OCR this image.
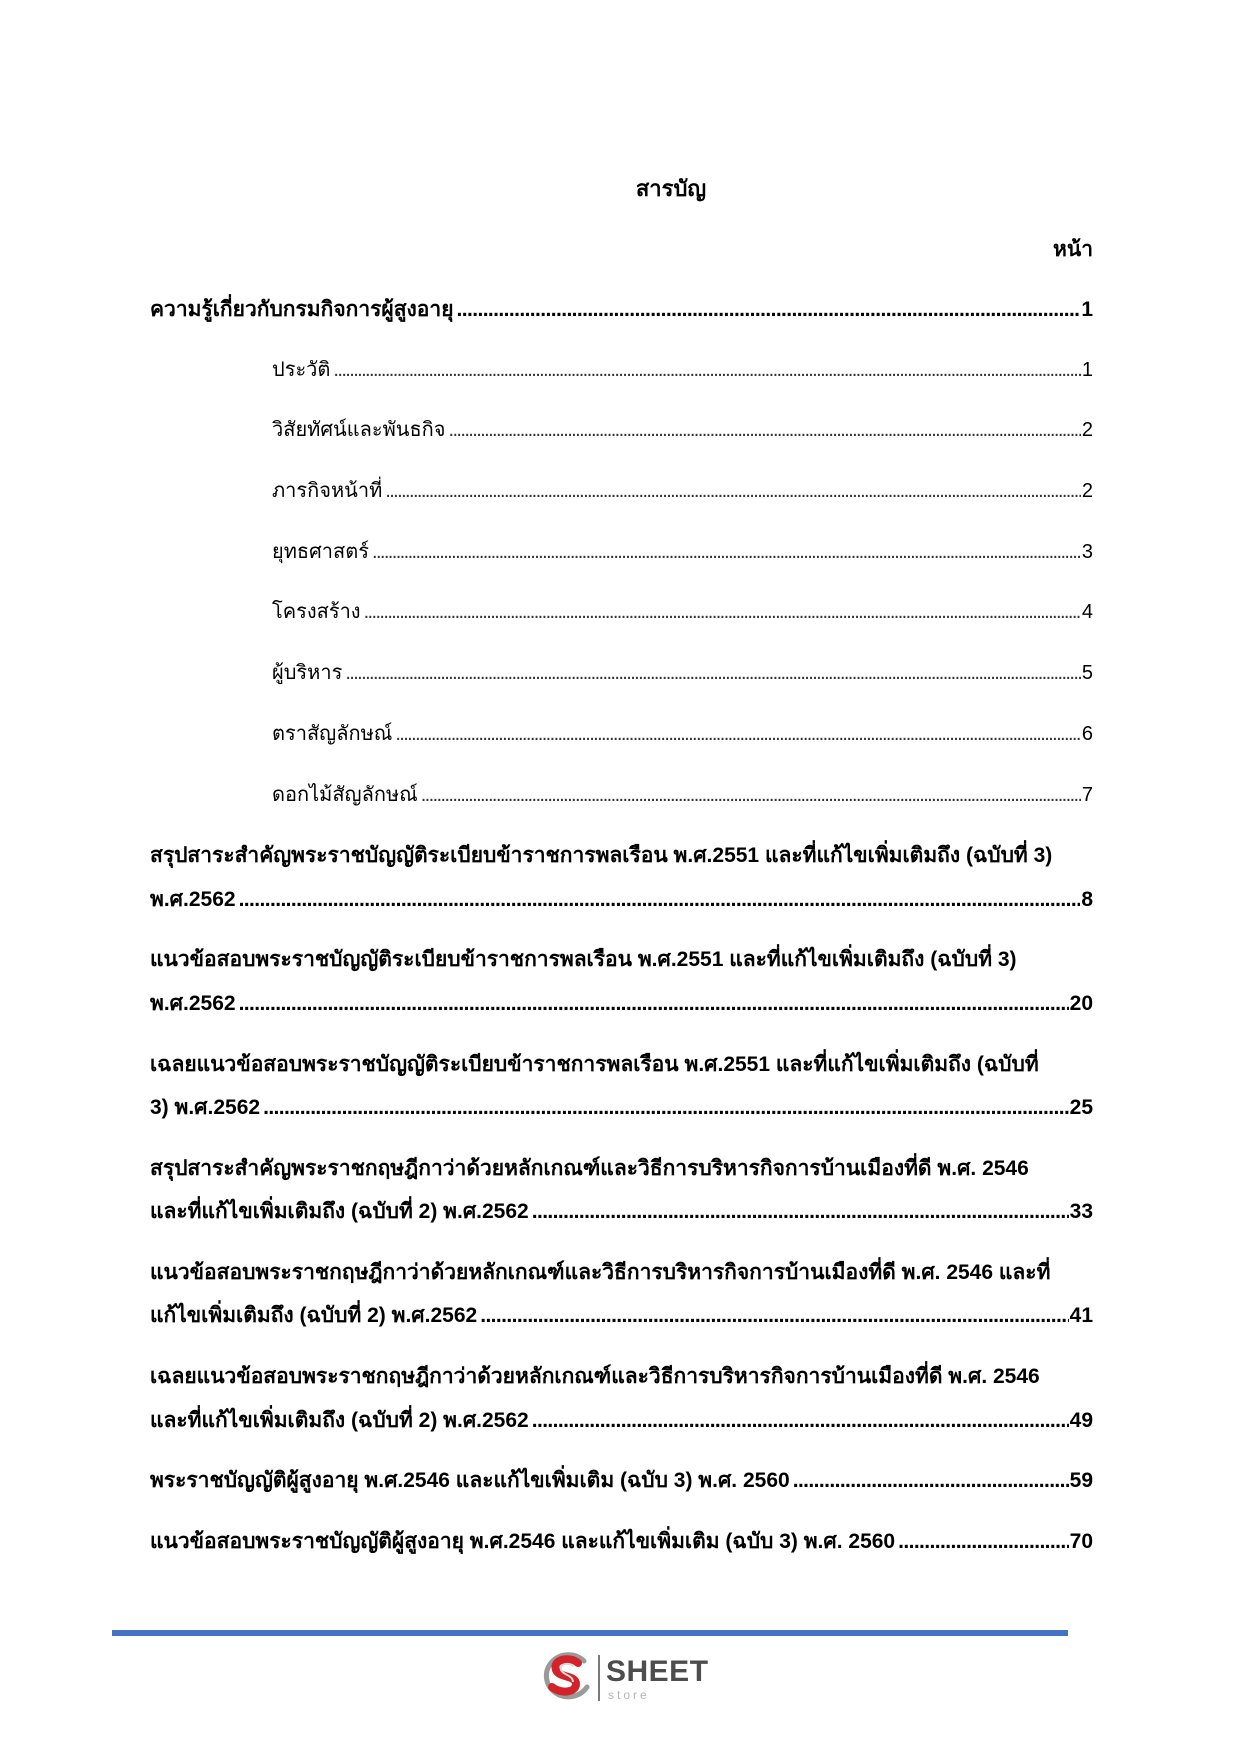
สารบัญ
หน้า
ความรู้เกี่ยวกับกรมกิจการผู้สูงอายุ .....	1
ประวัติ .....	1
วิสัยทัศน์และพันธกิจ .....	2
ภารกิจหน้าที่ .....	2
ยุทธศาสตร์ .....	3
โครงสร้าง .....	4
ผู้บริหาร .....	5
ตราสัญลักษณ์ .....	6
ดอกไม้สัญลักษณ์ .....	7
สรุปสาระสำคัญพระราชบัญญัติระเบียบข้าราชการพลเรือน พ.ศ.2551 และที่แก้ไขเพิ่มเติมถึง (ฉบับที่ 3)
พ.ศ.2562 .....	8
แนวข้อสอบพระราชบัญญัติระเบียบข้าราชการพลเรือน พ.ศ.2551 และที่แก้ไขเพิ่มเติมถึง (ฉบับที่ 3)
พ.ศ.2562 .....	20
เฉลยแนวข้อสอบพระราชบัญญัติระเบียบข้าราชการพลเรือน พ.ศ.2551 และที่แก้ไขเพิ่มเติมถึง (ฉบับที่
3) พ.ศ.2562 .....	25
สรุปสาระสำคัญพระราชกฤษฎีกาว่าด้วยหลักเกณฑ์และวิธีการบริหารกิจการบ้านเมืองที่ดี พ.ศ. 2546
และที่แก้ไขเพิ่มเติมถึง (ฉบับที่ 2) พ.ศ.2562 .....	33
แนวข้อสอบพระราชกฤษฎีกาว่าด้วยหลักเกณฑ์และวิธีการบริหารกิจการบ้านเมืองที่ดี พ.ศ. 2546 และที่
แก้ไขเพิ่มเติมถึง (ฉบับที่ 2) พ.ศ.2562 .....	41
เฉลยแนวข้อสอบพระราชกฤษฎีกาว่าด้วยหลักเกณฑ์และวิธีการบริหารกิจการบ้านเมืองที่ดี พ.ศ. 2546
และที่แก้ไขเพิ่มเติมถึง (ฉบับที่ 2) พ.ศ.2562 .....	49
พระราชบัญญัติผู้สูงอายุ พ.ศ.2546 และแก้ไขเพิ่มเติม (ฉบับ 3) พ.ศ. 2560 .....	59
แนวข้อสอบพระราชบัญญัติผู้สูงอายุ พ.ศ.2546 และแก้ไขเพิ่มเติม (ฉบับ 3) พ.ศ. 2560 .....	70
SHEET
store
